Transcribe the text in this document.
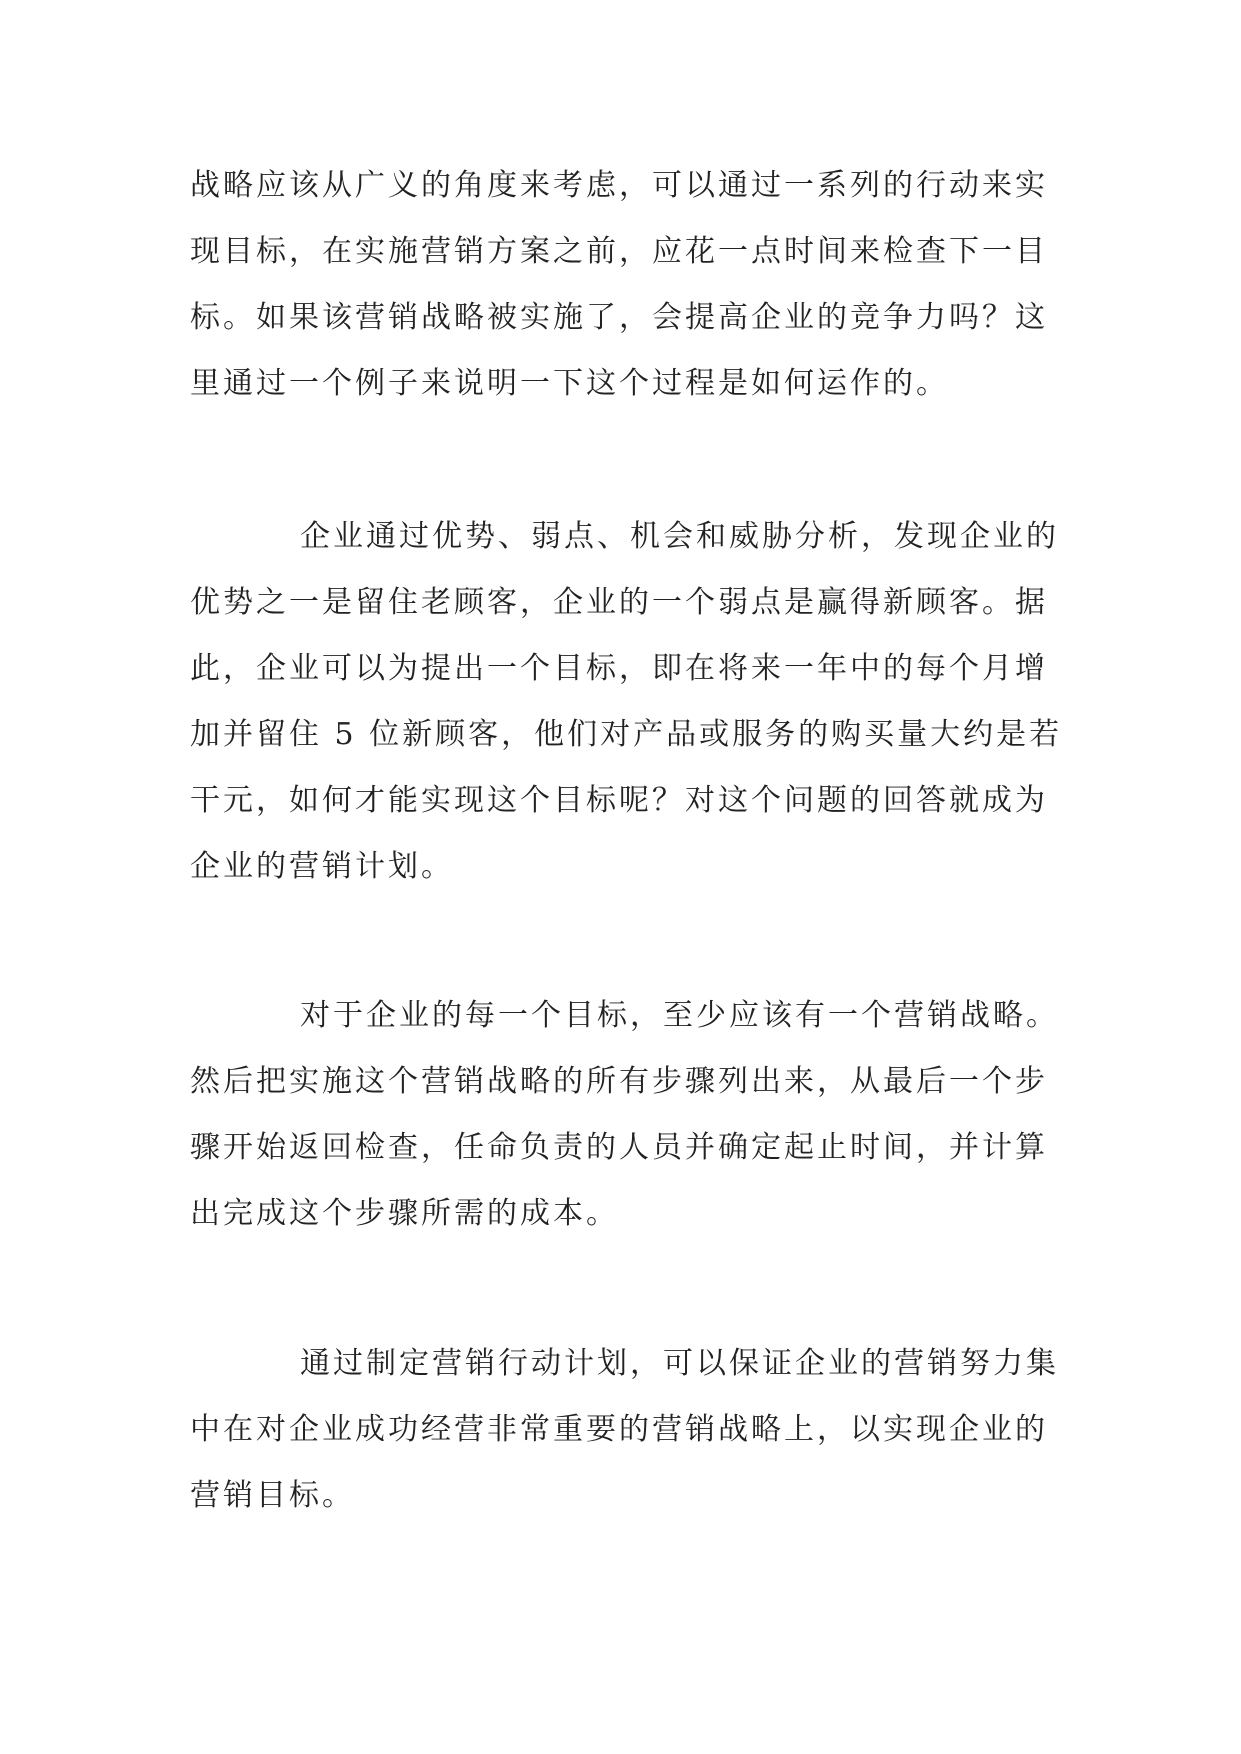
战略应该从广义的角度来考虑，可以通过一系列的行动来实

现目标，在实施营销方案之前，应花一点时间来检查下一目

标。如果该营销战略被实施了，会提高企业的竞争力吗？这

里通过一个例子来说明一下这个过程是如何运作的。

企业通过优势、弱点、机会和威胁分析，发现企业的

优势之一是留住老顾客，企业的一个弱点是赢得新顾客。据

此，企业可以为提出一个目标，即在将来一年中的每个月增

加并留住 5 位新顾客，他们对产品或服务的购买量大约是若

干元，如何才能实现这个目标呢？对这个问题的回答就成为

企业的营销计划。

对于企业的每一个目标，至少应该有一个营销战略。

然后把实施这个营销战略的所有步骤列出来，从最后一个步

骤开始返回检查，任命负责的人员并确定起止时间，并计算

出完成这个步骤所需的成本。

通过制定营销行动计划，可以保证企业的营销努力集

中在对企业成功经营非常重要的营销战略上，以实现企业的

营销目标。
